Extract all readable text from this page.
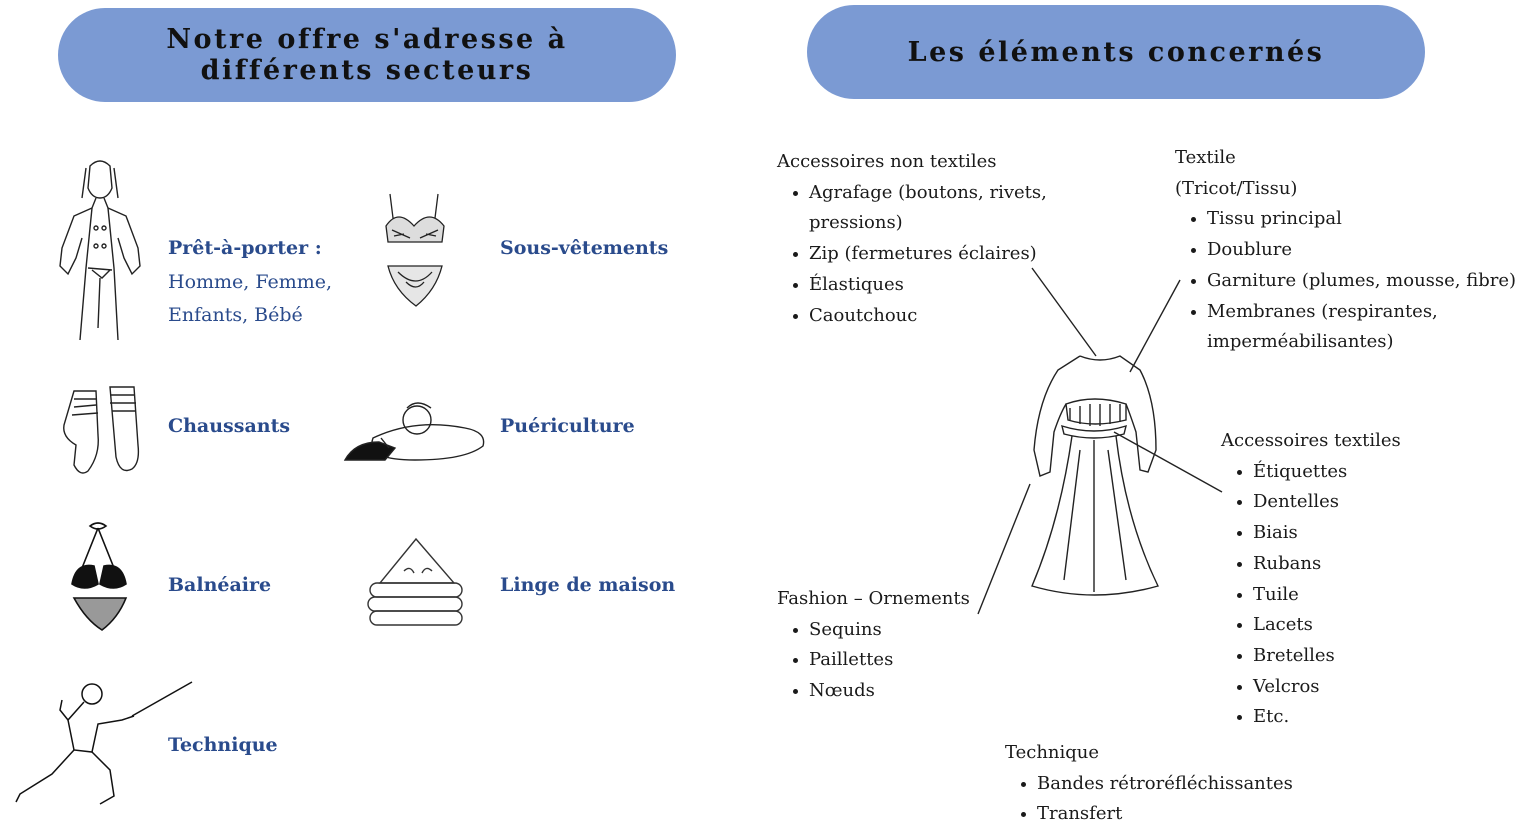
Notre offre s'adresse à
différents secteurs
Les éléments concernés
Prêt-à-porter :
Homme, Femme,
Enfants, Bébé
Sous-vêtements
Chaussants	Puériculture
Balnéaire	Linge de maison
Technique
Accessoires non textiles
Agrafage (boutons, rivets,
pressions)
Zip (fermetures éclaires)
Élastiques
Caoutchouc
Textile
(Tricot/Tissu)
Tissu principal
Doublure
Garniture (plumes, mousse, fibre)
Membranes (respirantes,
imperméabilisantes)
Accessoires textiles
Étiquettes
Dentelles
Biais
Rubans
Tuile
Lacets
Bretelles
Velcros
Etc.
Fashion – Ornements
Sequins
Paillettes
Nœuds
Technique
Bandes rétroréfléchissantes
Transfert
